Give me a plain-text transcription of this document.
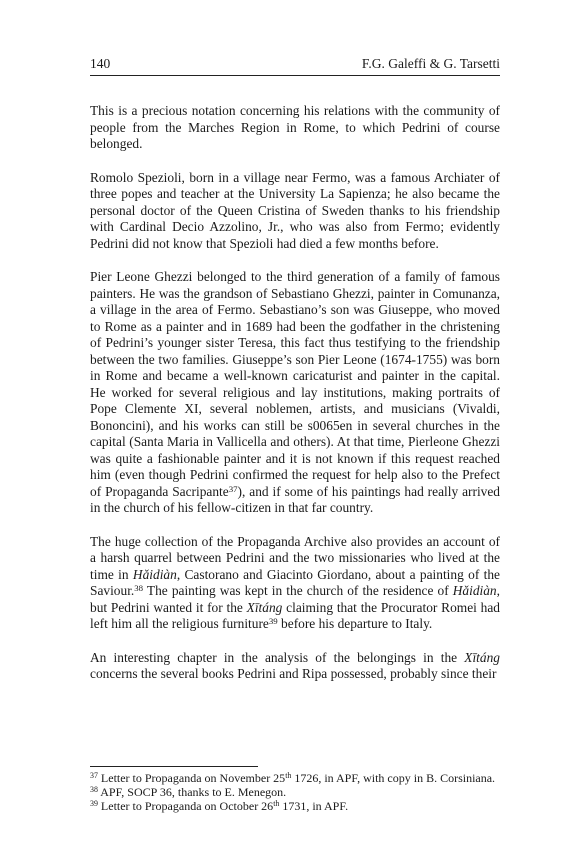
140	F.G. Galeffi & G. Tarsetti

This is a precious notation concerning his relations with the community of people from the Marches Region in Rome, to which Pedrini of course belonged.

Romolo Spezioli, born in a village near Fermo, was a famous Archiater of three popes and teacher at the University La Sapienza; he also became the personal doctor of the Queen Cristina of Sweden thanks to his friendship with Cardinal Decio Azzolino, Jr., who was also from Fermo; evidently Pedrini did not know that Spezioli had died a few months before.

Pier Leone Ghezzi belonged to the third generation of a family of famous painters. He was the grandson of Sebastiano Ghezzi, painter in Comunanza, a village in the area of Fermo. Sebastiano’s son was Giuseppe, who moved to Rome as a painter and in 1689 had been the godfather in the christening of Pedrini’s younger sister Teresa, this fact thus testifying to the friendship between the two families. Giuseppe’s son Pier Leone (1674-1755) was born in Rome and became a well-known caricaturist and painter in the capital. He worked for several religious and lay institutions, making portraits of Pope Clemente XI, several noblemen, artists, and musicians (Vivaldi, Bononcini), and his works can still be s0065en in several churches in the capital (Santa Maria in Vallicella and others). At that time, Pierleone Ghezzi was quite a fashionable painter and it is not known if this request reached him (even though Pedrini confirmed the request for help also to the Prefect of Propaganda Sacripante$^{37}$), and if some of his paintings had really arrived in the church of his fellow-citizen in that far country.

The huge collection of the Propaganda Archive also provides an account of a harsh quarrel between Pedrini and the two missionaries who lived at the time in Hǎidiàn, Castorano and Giacinto Giordano, about a painting of the Saviour.$^{38}$ The painting was kept in the church of the residence of Hǎidiàn, but Pedrini wanted it for the Xītáng claiming that the Procurator Romei had left him all the religious furniture$^{39}$ before his departure to Italy.

An interesting chapter in the analysis of the belongings in the Xītáng concerns the several books Pedrini and Ripa possessed, probably since their

$^{37}$ Letter to Propaganda on November 25th 1726, in APF, with copy in B. Corsiniana.

$^{38}$ APF, SOCP 36, thanks to E. Menegon.

$^{39}$ Letter to Propaganda on October 26th 1731, in APF.
